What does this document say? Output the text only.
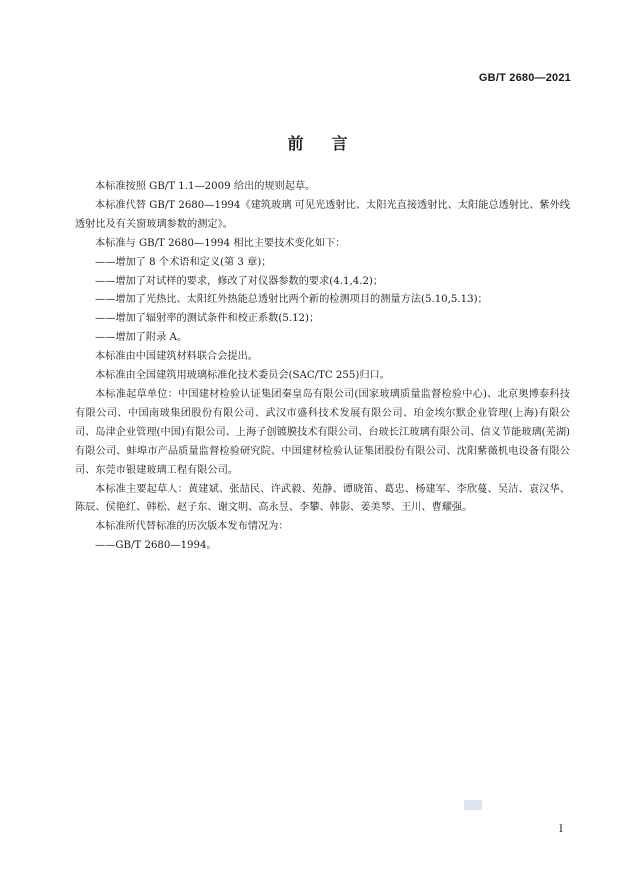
GB/T 2680—2021
前 言

本标准按照 GB/T 1.1—2009 给出的规则起草。

本标准代替 GB/T 2680—1994《建筑玻璃 可见光透射比、太阳光直接透射比、太阳能总透射比、紫外线透射比及有关窗玻璃参数的测定》。

本标准与 GB/T 2680—1994 相比主要技术变化如下：

——增加了 8 个术语和定义(第 3 章)；

——增加了对试样的要求，修改了对仪器参数的要求(4.1,4.2)；

——增加了光热比、太阳红外热能总透射比两个新的检测项目的测量方法(5.10,5.13)；

——增加了辐射率的测试条件和校正系数(5.12)；

——增加了附录 A。

本标准由中国建筑材料联合会提出。

本标准由全国建筑用玻璃标准化技术委员会(SAC/TC 255)归口。

本标准起草单位：中国建材检验认证集团秦皇岛有限公司(国家玻璃质量监督检验中心)、北京奥博泰科技有限公司、中国南玻集团股份有限公司、武汉市盛科技术发展有限公司、珀金埃尔默企业管理(上海)有限公司、岛津企业管理(中国)有限公司、上海子创镀膜技术有限公司、台玻长江玻璃有限公司、信义节能玻璃(芜湖)有限公司、蚌埠市产品质量监督检验研究院、中国建材检验认证集团股份有限公司、沈阳紫薇机电设备有限公司、东莞市银建玻璃工程有限公司。

本标准主要起草人：黄建斌、张喆民、许武毅、苑静、谭晓笛、葛忠、杨建军、李欣蔓、吴洁、袁汉华、陈辰、侯艳红、韩松、赵子东、谢文明、高永昱、李攀、韩影、姜美琴、王川、曹耀强。

本标准所代替标准的历次版本发布情况为：

——GB/T 2680—1994。

I
